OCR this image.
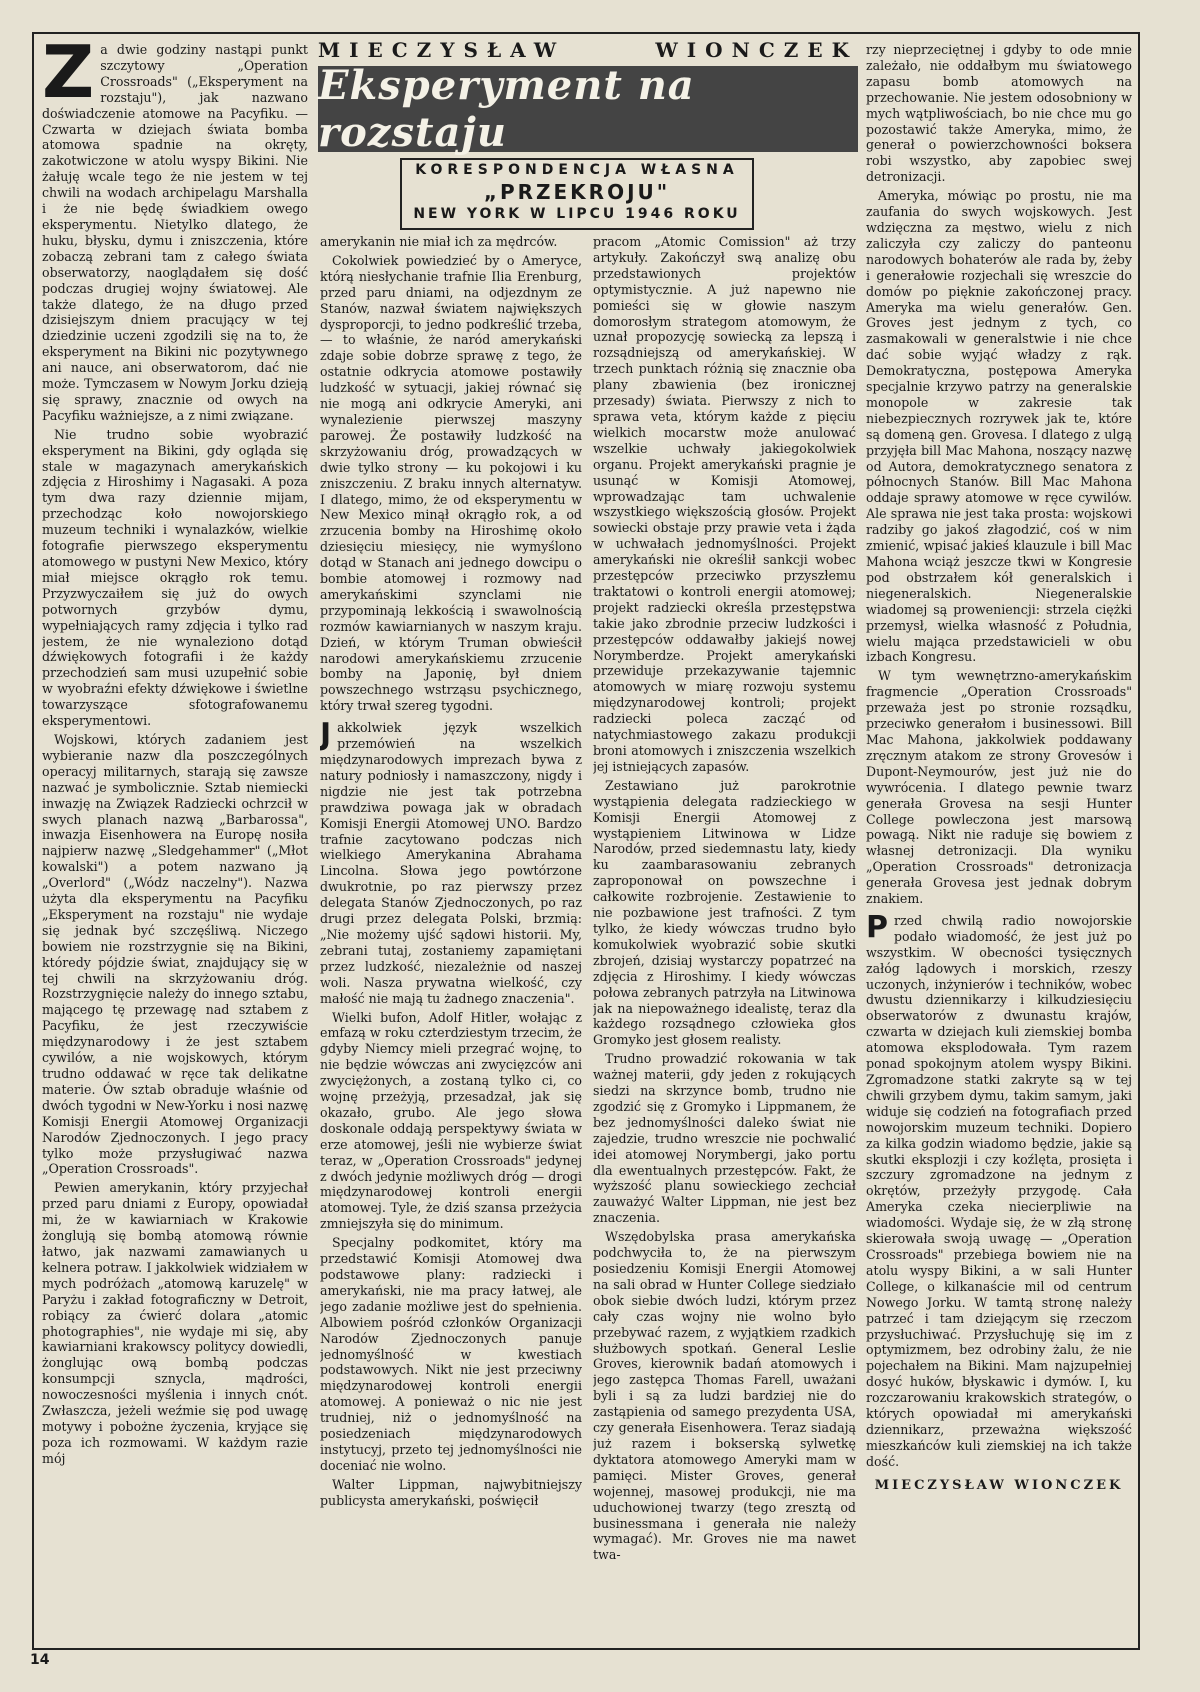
MIECZYSŁAW	WIONCZEK
Eksperyment na rozstaju
KORESPONDENCJA WŁASNA
„PRZEKROJU"
NEW YORK W LIPCU 1946 ROKU
Z a dwie godziny nastąpi punkt szczytowy „Operation Crossroads" („Eksperyment na rozstaju"), jak nazwano doświadczenie atomowe na Pacyfiku. — Czwarta w dziejach świata bomba atomowa spadnie na okręty, zakotwiczone w atolu wyspy Bikini. Nie żałuję wcale tego że nie jestem w tej chwili na wodach archipelagu Marshalla i że nie będę świadkiem owego eksperymentu. Nietylko dlatego, że huku, błysku, dymu i zniszczenia, które zobaczą zebrani tam z całego świata obserwatorzy, naoglądałem się dość podczas drugiej wojny światowej. Ale także dlatego, że na długo przed dzisiejszym dniem pracujący w tej dziedzinie uczeni zgodzili się na to, że eksperyment na Bikini nic pozytywnego ani nauce, ani obserwatorom, dać nie może. Tymczasem w Nowym Jorku dzieją się sprawy, znacznie od owych na Pacyfiku ważniejsze, a z nimi związane.

Nie trudno sobie wyobrazić eksperyment na Bikini, gdy ogląda się stale w magazynach amerykańskich zdjęcia z Hiroshimy i Nagasaki. A poza tym dwa razy dziennie mijam, przechodząc koło nowojorskiego muzeum techniki i wynalazków, wielkie fotografie pierwszego eksperymentu atomowego w pustyni New Mexico, który miał miejsce okrągło rok temu. Przyzwyczaiłem się już do owych potwornych grzybów dymu, wypełniających ramy zdjęcia i tylko rad jestem, że nie wynaleziono dotąd dźwiękowych fotografii i że każdy przechodzień sam musi uzupełnić sobie w wyobraźni efekty dźwiękowe i świetlne towarzyszące sfotografowanemu eksperymentowi.

Wojskowi, których zadaniem jest wybieranie nazw dla poszczególnych operacyj militarnych, starają się zawsze nazwać je symbolicznie. Sztab niemiecki inwazję na Związek Radziecki ochrzcił w swych planach nazwą „Barbarossa", inwazja Eisenhowera na Europę nosiła najpierw nazwę „Sledgehammer" („Młot kowalski") a potem nazwano ją „Overlord" („Wódz naczelny"). Nazwa użyta dla eksperymentu na Pacyfiku „Eksperyment na rozstaju" nie wydaje się jednak być szczęśliwą. Niczego bowiem nie rozstrzygnie się na Bikini, któredy pójdzie świat, znajdujący się w tej chwili na skrzyżowaniu dróg. Rozstrzygnięcie należy do innego sztabu, mającego tę przewagę nad sztabem z Pacyfiku, że jest rzeczywiście międzynarodowy i że jest sztabem cywilów, a nie wojskowych, którym trudno oddawać w ręce tak delikatne materie. Ów sztab obraduje właśnie od dwóch tygodni w New-Yorku i nosi nazwę Komisji Energii Atomowej Organizacji Narodów Zjednoczonych. I jego pracy tylko może przysługiwać nazwa „Operation Crossroads".

Pewien amerykanin, który przyjechał przed paru dniami z Europy, opowiadał mi, że w kawiarniach w Krakowie żonglują się bombą atomową równie łatwo, jak nazwami zamawianych u kelnera potraw. I jakkolwiek widziałem w mych podróżach „atomową karuzelę" w Paryżu i zakład fotograficzny w Detroit, robiący za ćwierć dolara „atomic photographies", nie wydaje mi się, aby kawiarniani krakowscy politycy dowiedli, żonglując ową bombą podczas konsumpcji sznycla, mądrości, nowoczesności myślenia i innych cnót. Zwłaszcza, jeżeli weźmie się pod uwagę motywy i pobożne życzenia, kryjące się poza ich rozmowami. W każdym razie mój

amerykanin nie miał ich za mędrców.

Cokolwiek powiedzieć by o Ameryce, którą niesłychanie trafnie Ilia Erenburg, przed paru dniami, na odjezdnym ze Stanów, nazwał światem największych dysproporcji, to jedno podkreślić trzeba, — to właśnie, że naród amerykański zdaje sobie dobrze sprawę z tego, że ostatnie odkrycia atomowe postawiły ludzkość w sytuacji, jakiej równać się nie mogą ani odkrycie Ameryki, ani wynalezienie pierwszej maszyny parowej. Że postawiły ludzkość na skrzyżowaniu dróg, prowadzących w dwie tylko strony — ku pokojowi i ku zniszczeniu. Z braku innych alternatyw. I dlatego, mimo, że od eksperymentu w New Mexico minął okrągło rok, a od zrzucenia bomby na Hiroshimę około dziesięciu miesięcy, nie wymyślono dotąd w Stanach ani jednego dowcipu o bombie atomowej i rozmowy nad amerykańskimi szynclami nie przypominają lekkością i swawolnością rozmów kawiarnianych w naszym kraju. Dzień, w którym Truman obwieścił narodowi amerykańskiemu zrzucenie bomby na Japonię, był dniem powszechnego wstrząsu psychicznego, który trwał szereg tygodni.

J akkolwiek język wszelkich przemówień na wszelkich międzynarodowych imprezach bywa z natury podniosły i namaszczony, nigdy i nigdzie nie jest tak potrzebna prawdziwa powaga jak w obradach Komisji Energii Atomowej UNO. Bardzo trafnie zacytowano podczas nich wielkiego Amerykanina Abrahama Lincolna. Słowa jego powtórzone dwukrotnie, po raz pierwszy przez delegata Stanów Zjednoczonych, po raz drugi przez delegata Polski, brzmią: „Nie możemy ujść sądowi historii. My, zebrani tutaj, zostaniemy zapamiętani przez ludzkość, niezależnie od naszej woli. Nasza prywatna wielkość, czy małość nie mają tu żadnego znaczenia".

Wielki bufon, Adolf Hitler, wołając z emfazą w roku czterdziestym trzecim, że gdyby Niemcy mieli przegrać wojnę, to nie będzie wówczas ani zwycięzców ani zwyciężonych, a zostaną tylko ci, co wojnę przeżyją, przesadzał, jak się okazało, grubo. Ale jego słowa doskonale oddają perspektywy świata w erze atomowej, jeśli nie wybierze świat teraz, w „Operation Crossroads" jedynej z dwóch jedynie możliwych dróg — drogi międzynarodowej kontroli energii atomowej. Tyle, że dziś szansa przeżycia zmniejszyła się do minimum.

Specjalny podkomitet, który ma przedstawić Komisji Atomowej dwa podstawowe plany: radziecki i amerykański, nie ma pracy łatwej, ale jego zadanie możliwe jest do spełnienia. Albowiem pośród członków Organizacji Narodów Zjednoczonych panuje jednomyślność w kwestiach podstawowych. Nikt nie jest przeciwny międzynarodowej kontroli energii atomowej. A ponieważ o nic nie jest trudniej, niż o jednomyślność na posiedzeniach międzynarodowych instytucyj, przeto tej jednomyślności nie doceniać nie wolno.

Walter Lippman, najwybitniejszy publicysta amerykański, poświęcił

pracom „Atomic Comission" aż trzy artykuły. Zakończył swą analizę obu przedstawionych projektów optymistycznie. A już napewno nie pomieści się w głowie naszym domorosłym strategom atomowym, że uznał propozycję sowiecką za lepszą i rozsądniejszą od amerykańskiej. W trzech punktach różnią się znacznie oba plany zbawienia (bez ironicznej przesady) świata. Pierwszy z nich to sprawa veta, którym każde z pięciu wielkich mocarstw może anulować wszelkie uchwały jakiegokolwiek organu. Projekt amerykański pragnie je usunąć w Komisji Atomowej, wprowadzając tam uchwalenie wszystkiego większością głosów. Projekt sowiecki obstaje przy prawie veta i żąda w uchwałach jednomyślności. Projekt amerykański nie określił sankcji wobec przestępców przeciwko przyszłemu traktatowi o kontroli energii atomowej; projekt radziecki określa przestępstwa takie jako zbrodnie przeciw ludzkości i przestępców oddawałby jakiejś nowej Norymberdze. Projekt amerykański przewiduje przekazywanie tajemnic atomowych w miarę rozwoju systemu międzynarodowej kontroli; projekt radziecki poleca zacząć od natychmiastowego zakazu produkcji broni atomowych i zniszczenia wszelkich jej istniejących zapasów.

Zestawiano już parokrotnie wystąpienia delegata radzieckiego w Komisji Energii Atomowej z wystąpieniem Litwinowa w Lidze Narodów, przed siedemnastu laty, kiedy ku zaambarasowaniu zebranych zaproponował on powszechne i całkowite rozbrojenie. Zestawienie to nie pozbawione jest trafności. Z tym tylko, że kiedy wówczas trudno było komukolwiek wyobrazić sobie skutki zbrojeń, dzisiaj wystarczy popatrzeć na zdjęcia z Hiroshimy. I kiedy wówczas połowa zebranych patrzyła na Litwinowa jak na niepoważnego idealistę, teraz dla każdego rozsądnego człowieka głos Gromyko jest głosem realisty.

Trudno prowadzić rokowania w tak ważnej materii, gdy jeden z rokujących siedzi na skrzynce bomb, trudno nie zgodzić się z Gromyko i Lippmanem, że bez jednomyślności daleko świat nie zajedzie, trudno wreszcie nie pochwalić idei atomowej Norymbergi, jako portu dla ewentualnych przestępców. Fakt, że wyższość planu sowieckiego zechciał zauważyć Walter Lippman, nie jest bez znaczenia.

Wszędobylska prasa amerykańska podchwyciła to, że na pierwszym posiedzeniu Komisji Energii Atomowej na sali obrad w Hunter College siedziało obok siebie dwóch ludzi, którym przez cały czas wojny nie wolno było przebywać razem, z wyjątkiem rzadkich służbowych spotkań. General Leslie Groves, kierownik badań atomowych i jego zastępca Thomas Farell, uważani byli i są za ludzi bardziej nie do zastąpienia od samego prezydenta USA, czy generała Eisenhowera. Teraz siadają już razem i bokserską sylwetkę dyktatora atomowego Ameryki mam w pamięci. Mister Groves, generał wojennej, masowej produkcji, nie ma uduchowionej twarzy (tego zresztą od businessmana i generała nie należy wymagać). Mr. Groves nie ma nawet twa-

rzy nieprzeciętnej i gdyby to ode mnie zależało, nie oddałbym mu światowego zapasu bomb atomowych na przechowanie. Nie jestem odosobniony w mych wątpliwościach, bo nie chce mu go pozostawić także Ameryka, mimo, że generał o powierzchowności boksera robi wszystko, aby zapobiec swej detronizacji.

Ameryka, mówiąc po prostu, nie ma zaufania do swych wojskowych. Jest wdzięczna za męstwo, wielu z nich zaliczyła czy zaliczy do panteonu narodowych bohaterów ale rada by, żeby i generałowie rozjechali się wreszcie do domów po pięknie zakończonej pracy. Ameryka ma wielu generałów. Gen. Groves jest jednym z tych, co zasmakowali w generalstwie i nie chce dać sobie wyjąć władzy z rąk. Demokratyczna, postępowa Ameryka specjalnie krzywo patrzy na generalskie monopole w zakresie tak niebezpiecznych rozrywek jak te, które są domeną gen. Grovesa. I dlatego z ulgą przyjęła bill Mac Mahona, noszący nazwę od Autora, demokratycznego senatora z północnych Stanów. Bill Mac Mahona oddaje sprawy atomowe w ręce cywilów. Ale sprawa nie jest taka prosta: wojskowi radziby go jakoś złagodzić, coś w nim zmienić, wpisać jakieś klauzule i bill Mac Mahona wciąż jeszcze tkwi w Kongresie pod obstrzałem kół generalskich i niegeneralskich. Niegeneralskie wiadomej są proweniencji: strzela ciężki przemysł, wielka własność z Południa, wielu mająca przedstawicieli w obu izbach Kongresu.

W tym wewnętrzno-amerykańskim fragmencie „Operation Crossroads" przeważa jest po stronie rozsądku, przeciwko generałom i businessowi. Bill Mac Mahona, jakkolwiek poddawany zręcznym atakom ze strony Grovesów i Dupont-Neymourów, jest już nie do wywrócenia. I dlatego pewnie twarz generała Grovesa na sesji Hunter College powleczona jest marsową powagą. Nikt nie raduje się bowiem z własnej detronizacji. Dla wyniku „Operation Crossroads" detronizacja generała Grovesa jest jednak dobrym znakiem.

P rzed chwilą radio nowojorskie podało wiadomość, że jest już po wszystkim. W obecności tysięcznych załóg lądowych i morskich, rzeszy uczonych, inżynierów i techników, wobec dwustu dziennikarzy i kilkudziesięciu obserwatorów z dwunastu krajów, czwarta w dziejach kuli ziemskiej bomba atomowa eksplodowała. Tym razem ponad spokojnym atolem wyspy Bikini. Zgromadzone statki zakryte są w tej chwili grzybem dymu, takim samym, jaki widuje się codzień na fotografiach przed nowojorskim muzeum techniki. Dopiero za kilka godzin wiadomo będzie, jakie są skutki eksplozji i czy koźlęta, prosięta i szczury zgromadzone na jednym z okrętów, przeżyły przygodę. Cała Ameryka czeka niecierpliwie na wiadomości. Wydaje się, że w złą stronę skierowała swoją uwagę — „Operation Crossroads" przebiega bowiem nie na atolu wyspy Bikini, a w sali Hunter College, o kilkanaście mil od centrum Nowego Jorku. W tamtą stronę należy patrzeć i tam dziejącym się rzeczom przysłuchiwać. Przysłuchuję się im z optymizmem, bez odrobiny żalu, że nie pojechałem na Bikini. Mam najzupełniej dosyć huków, błyskawic i dymów. I, ku rozczarowaniu krakowskich strategów, o których opowiadał mi amerykański dziennikarz, przeważna większość mieszkańców kuli ziemskiej na ich także dość.

MIECZYSŁAW WIONCZEK
14
